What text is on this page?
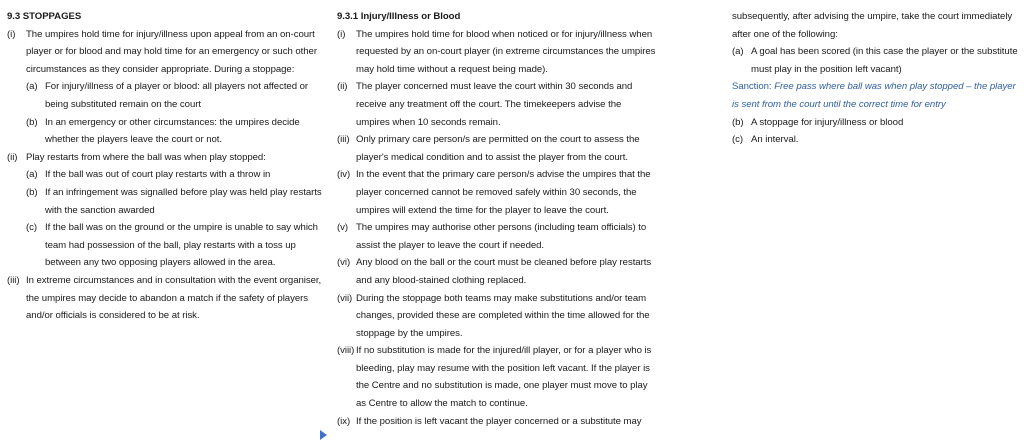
9.3 STOPPAGES
(i)	The umpires hold time for injury/illness upon appeal from an on-court player or for blood and may hold time for an emergency or such other circumstances as they consider appropriate. During a stoppage:
(a) For injury/illness of a player or blood: all players not affected or being substituted remain on the court
(b) In an emergency or other circumstances: the umpires decide whether the players leave the court or not.
(ii) Play restarts from where the ball was when play stopped:
(a) If the ball was out of court play restarts with a throw in
(b) If an infringement was signalled before play was held play restarts with the sanction awarded
(c) If the ball was on the ground or the umpire is unable to say which team had possession of the ball, play restarts with a toss up between any two opposing players allowed in the area.
(iii) In extreme circumstances and in consultation with the event organiser, the umpires may decide to abandon a match if the safety of players and/or officials is considered to be at risk.
9.3.1 Injury/Illness or Blood
(i)	The umpires hold time for blood when noticed or for injury/illness when requested by an on-court player (in extreme circumstances the umpires may hold time without a request being made).
(ii) The player concerned must leave the court within 30 seconds and receive any treatment off the court. The timekeepers advise the umpires when 10 seconds remain.
(iii) Only primary care person/s are permitted on the court to assess the player's medical condition and to assist the player from the court.
(iv) In the event that the primary care person/s advise the umpires that the player concerned cannot be removed safely within 30 seconds, the umpires will extend the time for the player to leave the court.
(v) The umpires may authorise other persons (including team officials) to assist the player to leave the court if needed.
(vi) Any blood on the ball or the court must be cleaned before play restarts and any blood-stained clothing replaced.
(vii) During the stoppage both teams may make substitutions and/or team changes, provided these are completed within the time allowed for the stoppage by the umpires.
(viii) If no substitution is made for the injured/ill player, or for a player who is bleeding, play may resume with the position left vacant. If the player is the Centre and no substitution is made, one player must move to play as Centre to allow the match to continue.
(ix) If the position is left vacant the player concerned or a substitute may
subsequently, after advising the umpire, take the court immediately after one of the following:
(a) A goal has been scored (in this case the player or the substitute must play in the position left vacant)
Sanction: Free pass where ball was when play stopped – the player is sent from the court until the correct time for entry
(b) A stoppage for injury/illness or blood
(c) An interval.
